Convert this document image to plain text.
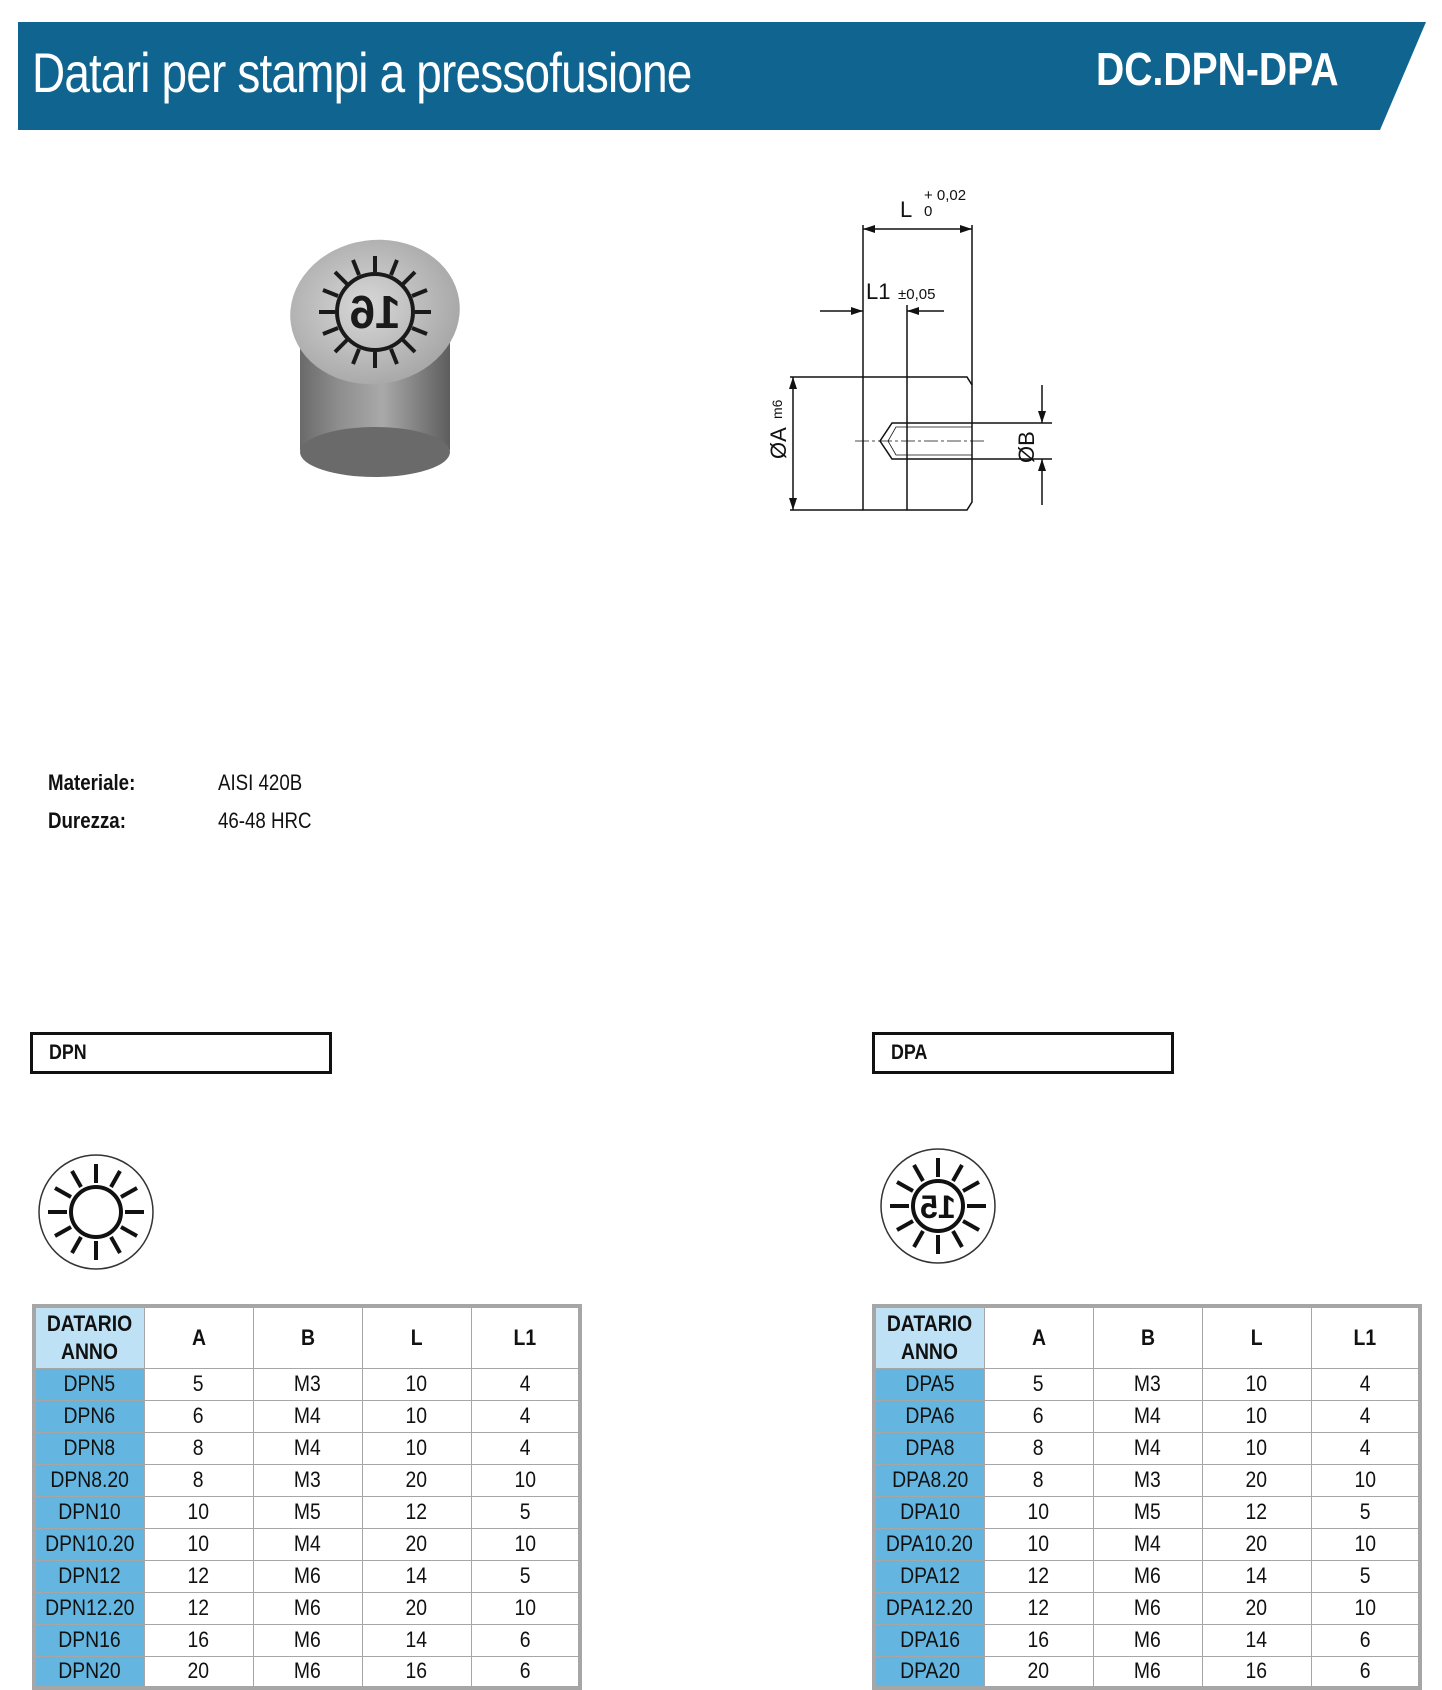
Datari per stampi a pressofusione	DC.DPN-DPA
16
L
+ 0,02
0
L1 ±0,05
ØA
m6
ØB
Materiale:	AISI 420B
Durezza:	46-48 HRC
DPN
DATARIO
ANNO	A	B	L	L1
DPN5	5	M3	10	4
DPN6	6	M4	10	4
DPN8	8	M4	10	4
DPN8.20	8	M3	20	10
DPN10	10	M5	12	5
DPN10.20	10	M4	20	10
DPN12	12	M6	14	5
DPN12.20	12	M6	20	10
DPN16	16	M6	14	6
DPN20	20	M6	16	6
DPA
15
DATARIO
ANNO	A	B	L	L1
DPA5	5	M3	10	4
DPA6	6	M4	10	4
DPA8	8	M4	10	4
DPA8.20	8	M3	20	10
DPA10	10	M5	12	5
DPA10.20	10	M4	20	10
DPA12	12	M6	14	5
DPA12.20	12	M6	20	10
DPA16	16	M6	14	6
DPA20	20	M6	16	6
